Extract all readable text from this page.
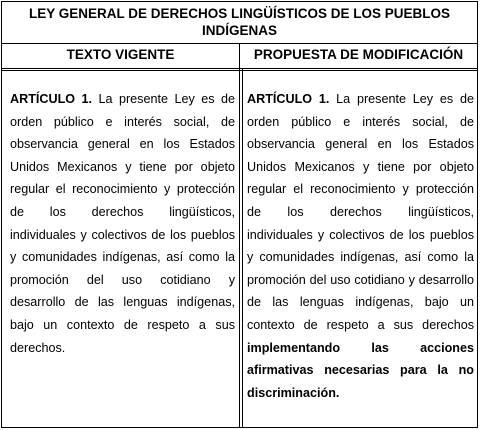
LEY GENERAL DE DERECHOS LINGÜÍSTICOS DE LOS PUEBLOS
INDÍGENAS
TEXTO VIGENTE	PROPUESTA DE MODIFICACIÓN
ARTÍCULO 1. La presente Ley es de orden público e interés social, de observancia general en los Estados Unidos Mexicanos y tiene por objeto regular el reconocimiento y protección de los derechos lingüísticos, individuales y colectivos de los pueblos y comunidades indígenas, así como la promoción del uso cotidiano y desarrollo de las lenguas indígenas, bajo un contexto de respeto a sus derechos.
ARTÍCULO 1. La presente Ley es de orden público e interés social, de observancia general en los Estados Unidos Mexicanos y tiene por objeto regular el reconocimiento y protección de los derechos lingüísticos, individuales y colectivos de los pueblos y comunidades indígenas, así como la promoción del uso cotidiano y desarrollo de las lenguas indígenas, bajo un contexto de respeto a sus derechos implementando las acciones afirmativas necesarias para la no discriminación.
